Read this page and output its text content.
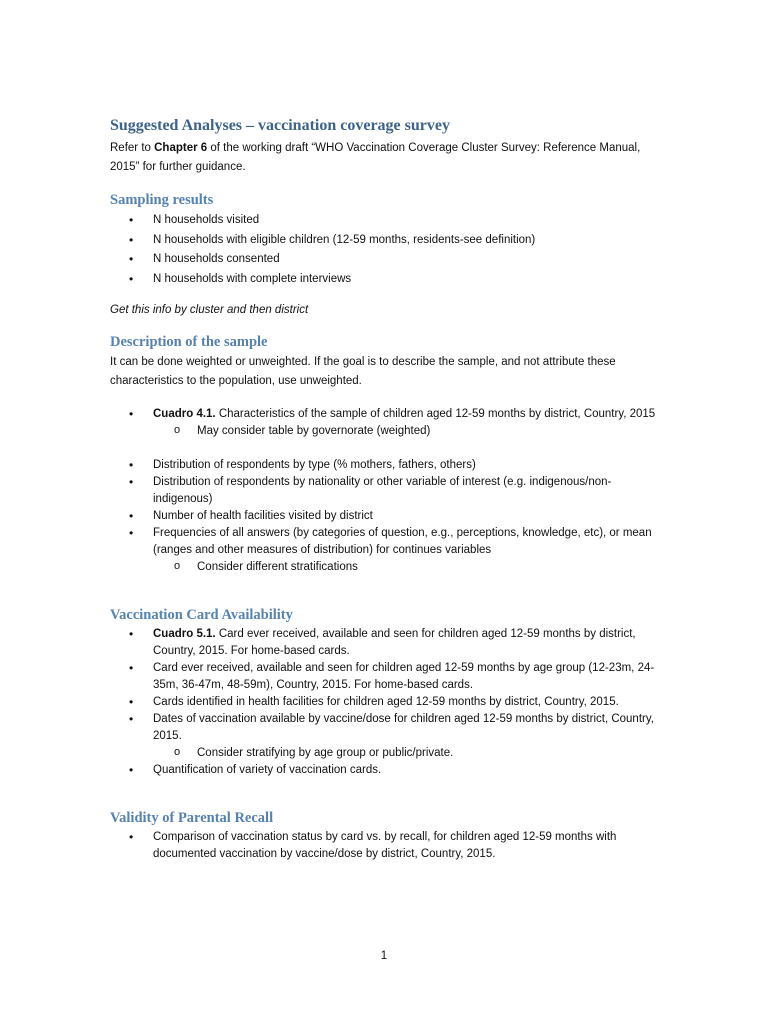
Suggested Analyses – vaccination coverage survey

Refer to Chapter 6 of the working draft “WHO Vaccination Coverage Cluster Survey: Reference Manual, 2015” for further guidance.

Sampling results
• N households visited
• N households with eligible children (12-59 months, residents-see definition)
• N households consented
• N households with complete interviews

Get this info by cluster and then district

Description of the sample

It can be done weighted or unweighted. If the goal is to describe the sample, and not attribute these characteristics to the population, use unweighted.

• Cuadro 4.1. Characteristics of the sample of children aged 12-59 months by district, Country, 2015
o May consider table by governorate (weighted)
• Distribution of respondents by type (% mothers, fathers, others)
• Distribution of respondents by nationality or other variable of interest (e.g. indigenous/non-indigenous)
• Number of health facilities visited by district
• Frequencies of all answers (by categories of question, e.g., perceptions, knowledge, etc), or mean (ranges and other measures of distribution) for continues variables
o Consider different stratifications
Vaccination Card Availability
• Cuadro 5.1. Card ever received, available and seen for children aged 12-59 months by district, Country, 2015. For home-based cards.
• Card ever received, available and seen for children aged 12-59 months by age group (12-23m, 24-35m, 36-47m, 48-59m), Country, 2015. For home-based cards.
• Cards identified in health facilities for children aged 12-59 months by district, Country, 2015.
• Dates of vaccination available by vaccine/dose for children aged 12-59 months by district, Country, 2015.
o Consider stratifying by age group or public/private.
• Quantification of variety of vaccination cards.
Validity of Parental Recall
• Comparison of vaccination status by card vs. by recall, for children aged 12-59 months with documented vaccination by vaccine/dose by district, Country, 2015.
1
